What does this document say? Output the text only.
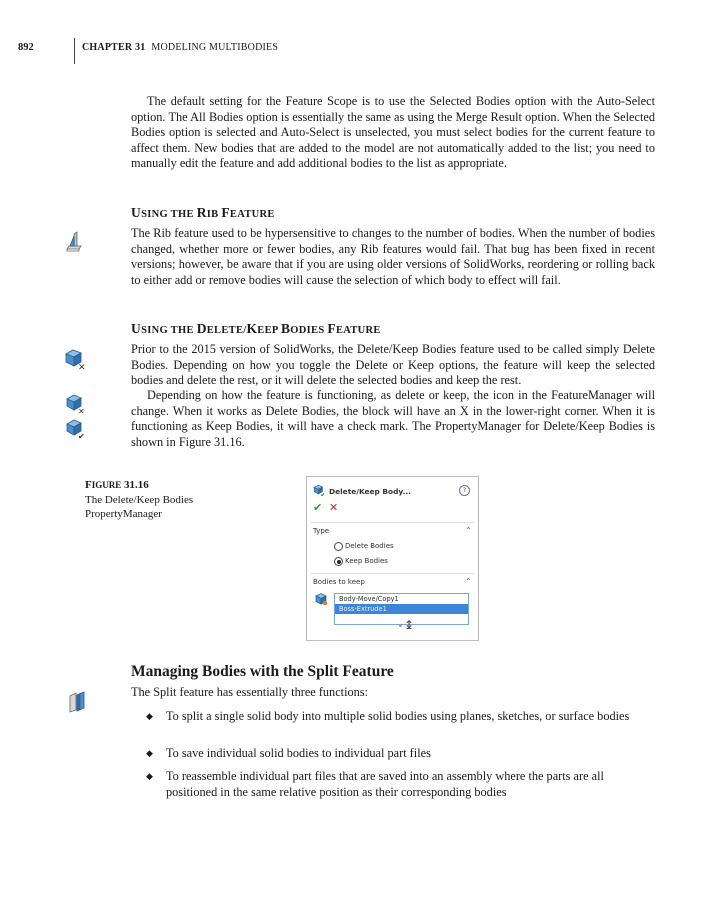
892	CHAPTER 31 MODELING MULTIBODIES

The default setting for the Feature Scope is to use the Selected Bodies option with the Auto-Select option. The All Bodies option is essentially the same as using the Merge Result option. When the Selected Bodies option is selected and Auto-Select is unselected, you must select bodies for the current feature to affect them. New bodies that are added to the model are not automatically added to the list; you need to manually edit the feature and add additional bodies to the list as appropriate.

USING THE RIB FEATURE

The Rib feature used to be hypersensitive to changes to the number of bodies. When the number of bodies changed, whether more or fewer bodies, any Rib features would fail. That bug has been fixed in recent versions; however, be aware that if you are using older versions of SolidWorks, reordering or rolling back to either add or remove bodies will cause the selection of which body to effect will fail.

USING THE DELETE/KEEP BODIES FEATURE
✕
✕
✔

Prior to the 2015 version of SolidWorks, the Delete/Keep Bodies feature used to be called simply Delete Bodies. Depending on how you toggle the Delete or Keep options, the feature will keep the selected bodies and delete the rest, or it will delete the selected bodies and keep the rest.

Depending on how the feature is functioning, as delete or keep, the icon in the FeatureManager will change. When it works as Delete Bodies, the block will have an X in the lower-right corner. When it is functioning as Keep Bodies, it will have a check mark. The PropertyManager for Delete/Keep Bodies is shown in Figure 31.16.

FIGURE 31.16
The Delete/Keep Bodies
PropertyManager
✔ Delete/Keep Body...	?
✔ ✕
Type	⌃
Delete Bodies
Keep Bodies
Bodies to keep	⌃
Body-Move/Copy1
Boss-Extrude1
↨
Managing Bodies with the Split Feature

The Split feature has essentially three functions:

◆ To split a single solid body into multiple solid bodies using planes, sketches, or surface bodies
◆ To save individual solid bodies to individual part files
◆ To reassemble individual part files that are saved into an assembly where the parts are all positioned in the same relative position as their corresponding bodies
